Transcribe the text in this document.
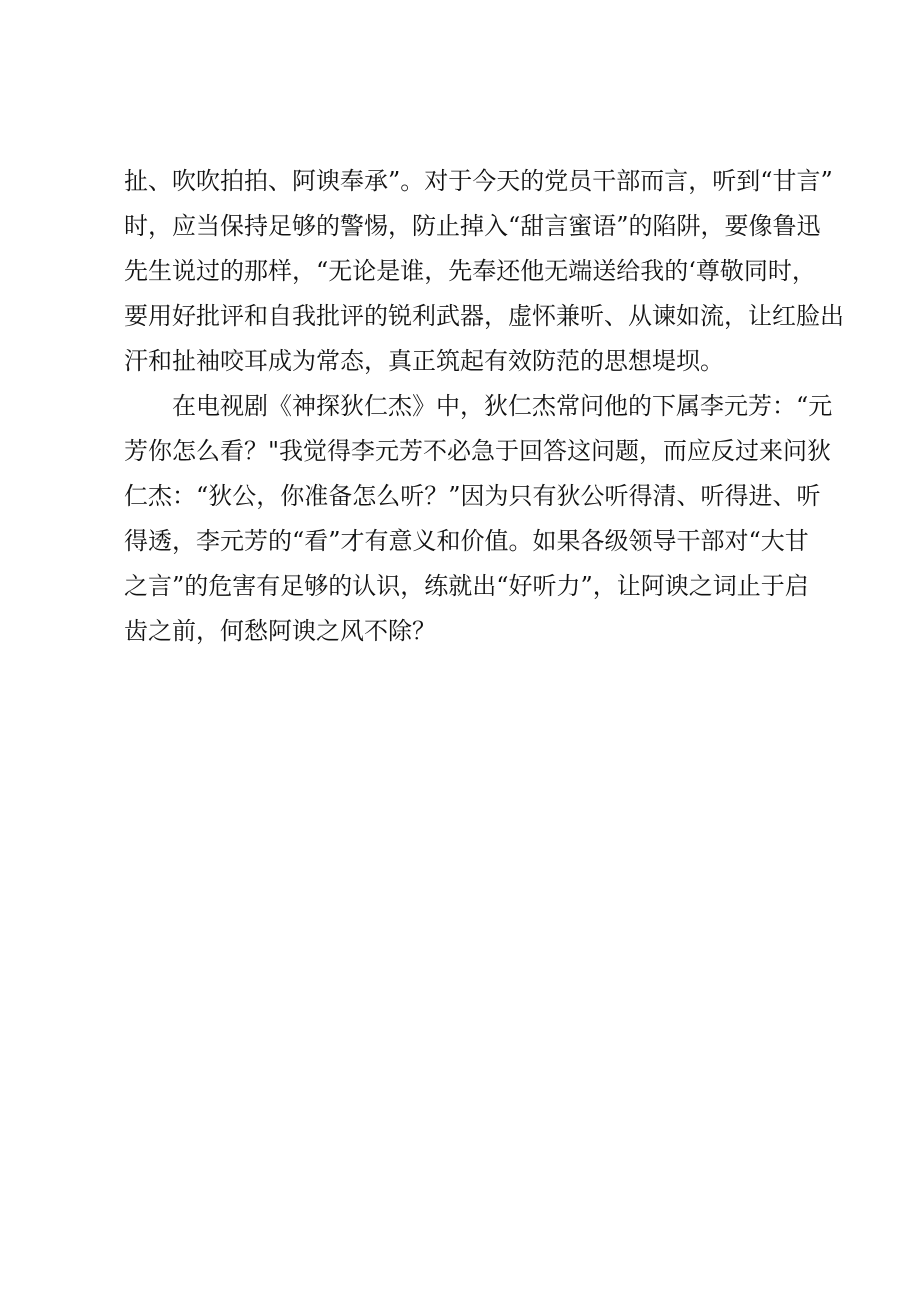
扯、吹吹拍拍、阿谀奉承”。对于今天的党员干部而言，听到“甘言”
时，应当保持足够的警惕，防止掉入“甜言蜜语”的陷阱，要像鲁迅
先生说过的那样，“无论是谁，先奉还他无端送给我的‘尊敬同时，
要用好批评和自我批评的锐利武器，虚怀兼听、从谏如流，让红脸出
汗和扯袖咬耳成为常态，真正筑起有效防范的思想堤坝。
在电视剧《神探狄仁杰》中，狄仁杰常问他的下属李元芳：“元
芳你怎么看？"我觉得李元芳不必急于回答这问题，而应反过来问狄
仁杰：“狄公，你准备怎么听？”因为只有狄公听得清、听得进、听
得透，李元芳的“看”才有意义和价值。如果各级领导干部对“大甘
之言”的危害有足够的认识，练就出“好听力”，让阿谀之词止于启
齿之前，何愁阿谀之风不除？
